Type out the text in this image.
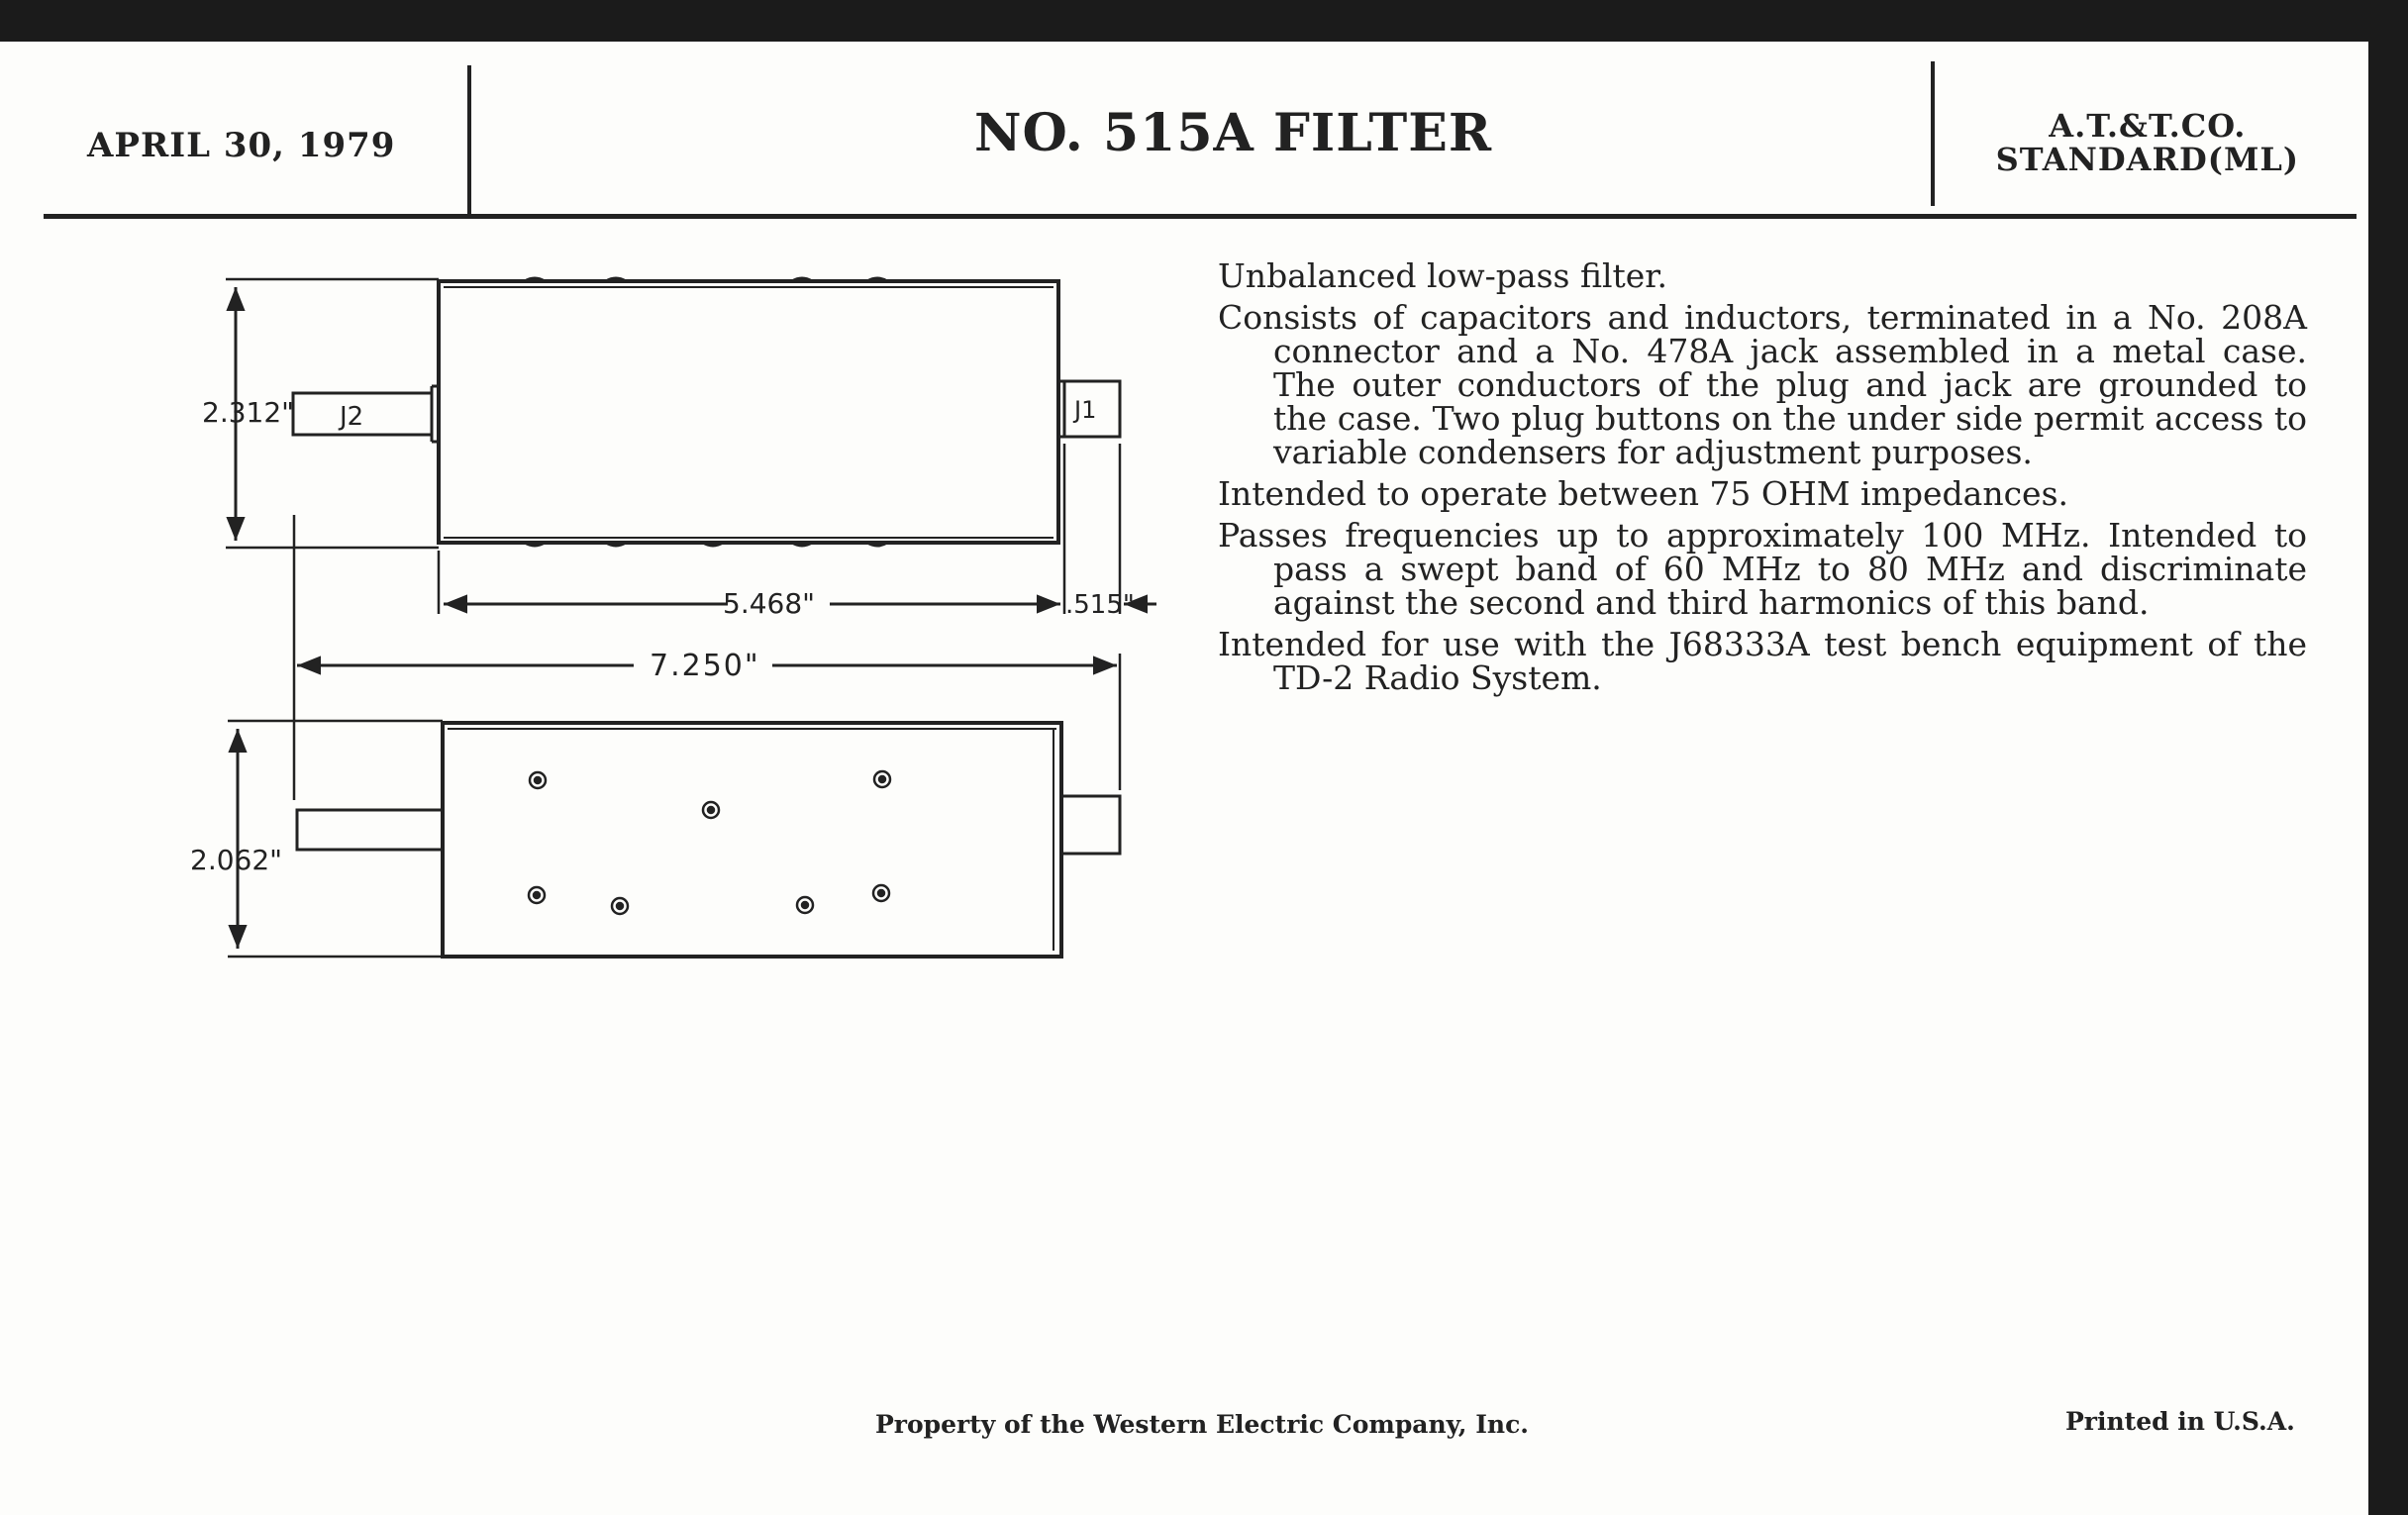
APRIL 30, 1979	NO. 515A FILTER	A.T.&T.CO.
STANDARD(ML)
2.312" J2	J1
5.468"	.515"
7.250"
2.062"

Unbalanced low-pass filter.

Consists of capacitors and inductors, terminated in a No. 208A connector and a No. 478A jack assembled in a metal case. The outer conductors of the plug and jack are grounded to the case. Two plug buttons on the under side permit access to variable condensers for adjustment purposes.

Intended to operate between 75 OHM impedances.

Passes frequencies up to approximately 100 MHz. Intended to pass a swept band of 60 MHz to 80 MHz and discriminate against the second and third harmonics of this band.

Intended for use with the J68333A test bench equipment of the TD-2 Radio System.

Property of the Western Electric Company, Inc.	Printed in U.S.A.
